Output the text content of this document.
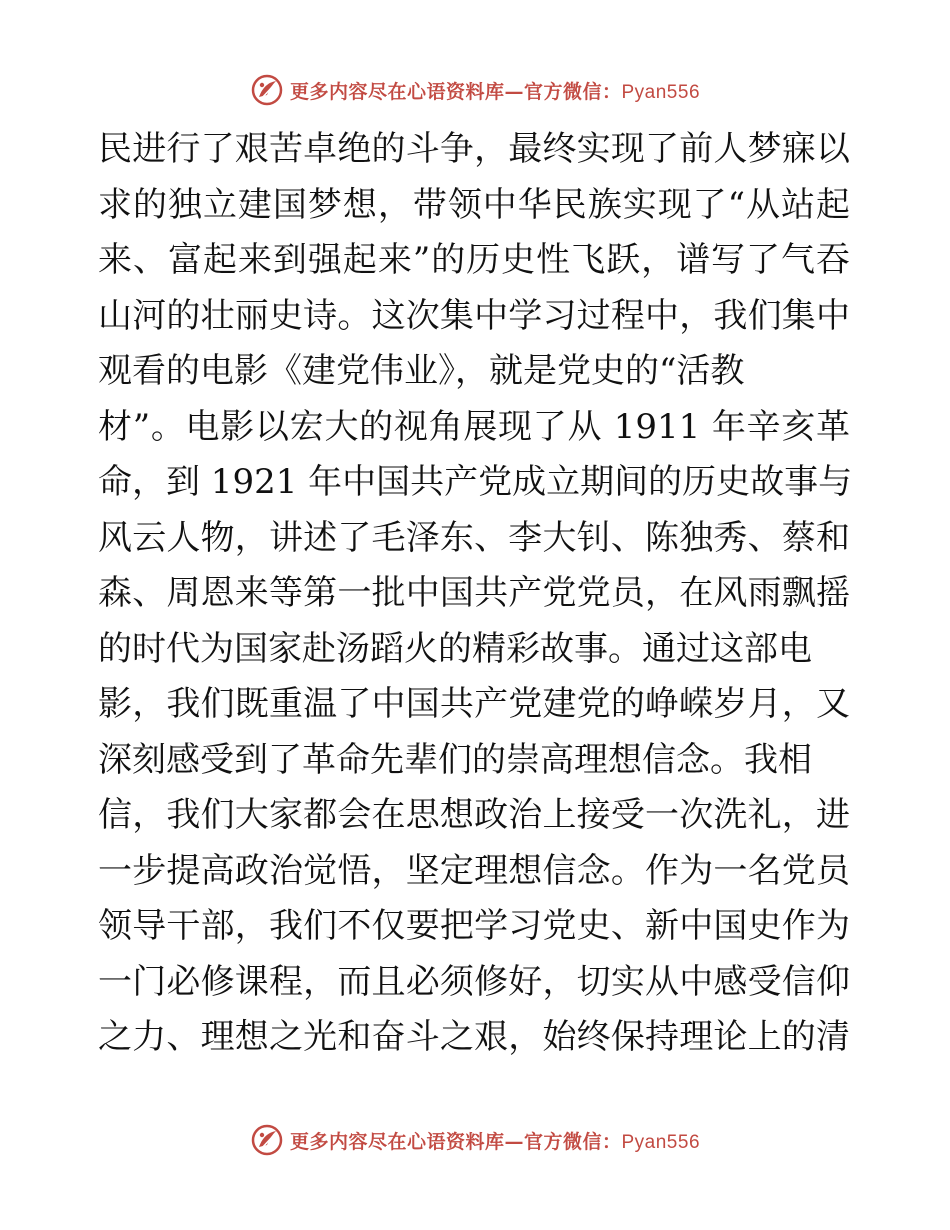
更多内容尽在心语资料库—官方微信：Pyan556
民进行了艰苦卓绝的斗争，最终实现了前人梦寐以
求的独立建国梦想，带领中华民族实现了“从站起
来、富起来到强起来”的历史性飞跃，谱写了气吞
山河的壮丽史诗。这次集中学习过程中，我们集中
观看的电影《建党伟业》，就是党史的“活教
材”。电影以宏大的视角展现了从 1911 年辛亥革
命，到 1921 年中国共产党成立期间的历史故事与
风云人物，讲述了毛泽东、李大钊、陈独秀、蔡和
森、周恩来等第一批中国共产党党员，在风雨飘摇
的时代为国家赴汤蹈火的精彩故事。通过这部电
影，我们既重温了中国共产党建党的峥嵘岁月，又
深刻感受到了革命先辈们的崇高理想信念。我相
信，我们大家都会在思想政治上接受一次洗礼，进
一步提高政治觉悟，坚定理想信念。作为一名党员
领导干部，我们不仅要把学习党史、新中国史作为
一门必修课程，而且必须修好，切实从中感受信仰
之力、理想之光和奋斗之艰，始终保持理论上的清
更多内容尽在心语资料库—官方微信：Pyan556
